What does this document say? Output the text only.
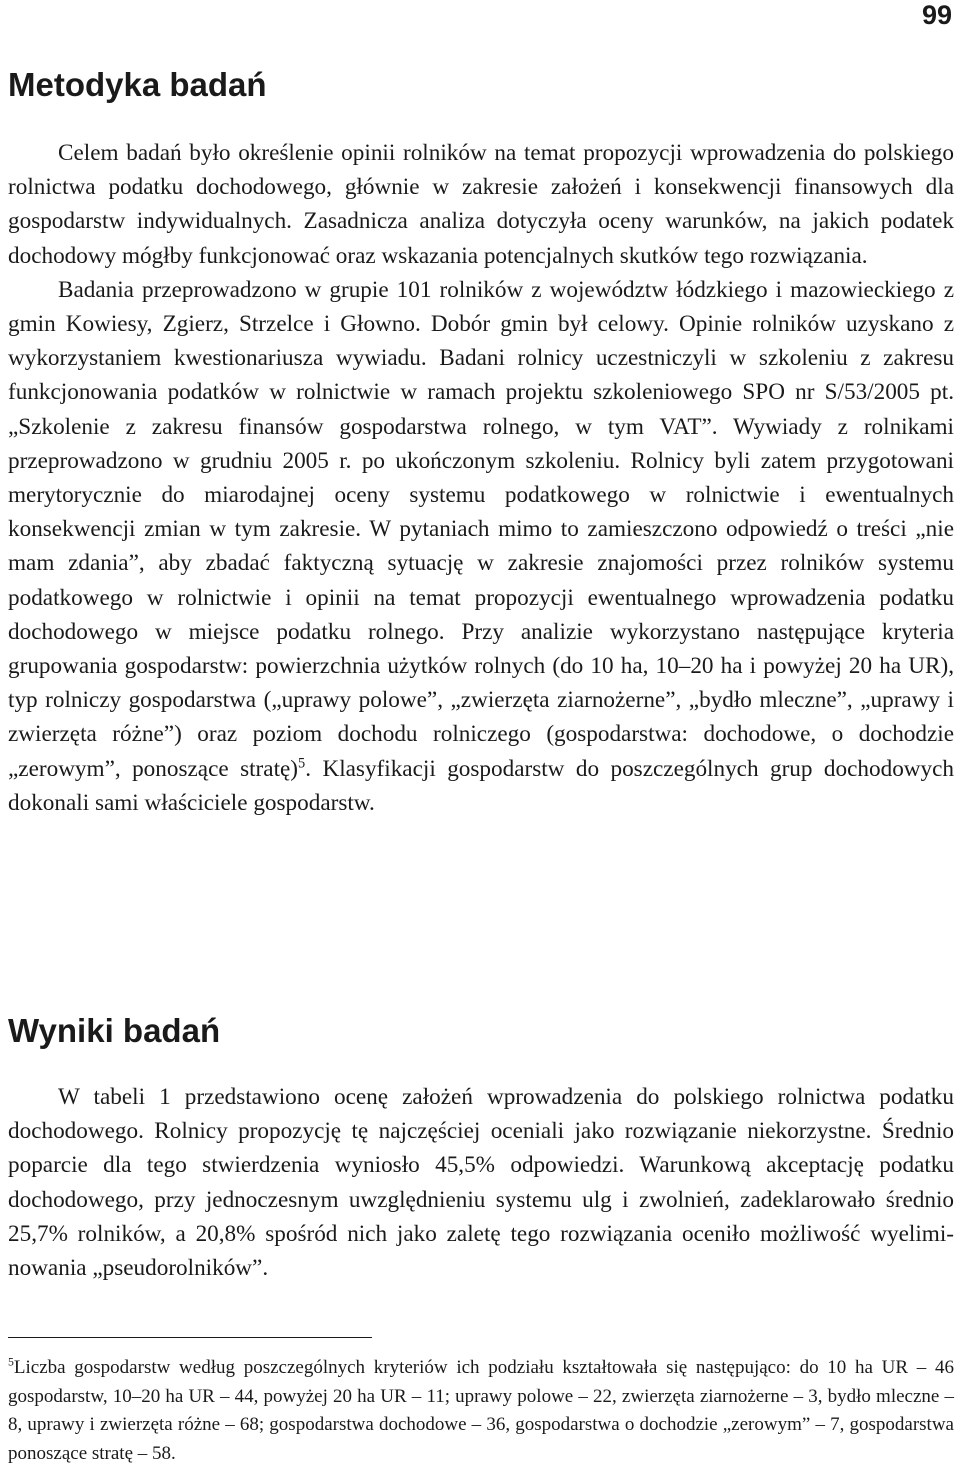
99
Metodyka badań

Celem badań było określenie opinii rolników na temat propozycji wprowadzenia do polskiego rolnictwa podatku dochodowego, głównie w zakresie założeń i konsekwencji finansowych dla gospodarstw indywidualnych. Zasadnicza analiza dotyczyła oceny warunków, na jakich podatek dochodowy mógłby funkcjonować oraz wskazania potencjalnych skutków tego rozwiązania.

Badania przeprowadzono w grupie 101 rolników z województw łódzkiego i mazowieckiego z gmin Kowiesy, Zgierz, Strzelce i Głowno. Dobór gmin był celowy. Opinie rolników uzyskano z wykorzystaniem kwestionariusza wywiadu. Badani rolnicy uczestniczyli w szkoleniu z zakresu funkcjonowania podatków w rolnictwie w ramach projektu szkoleniowego SPO nr S/53/2005 pt. „Szkolenie z zakresu finansów gospodarstwa rolnego, w tym VAT”. Wywiady z rolnikami przeprowadzono w grudniu 2005 r. po ukończonym szkoleniu. Rolnicy byli zatem przygotowani merytorycznie do miarodajnej oceny systemu podatkowego w rolnictwie i ewentualnych konsekwencji zmian w tym zakresie. W pytaniach mimo to zamieszczono odpowiedź o treści „nie mam zdania”, aby zbadać faktyczną sytuację w zakresie znajomości przez rolników systemu podatkowego w rolnictwie i opinii na temat propozycji ewentualnego wprowadzenia podatku dochodowego w miejsce podatku rolnego. Przy analizie wykorzystano następujące kryteria grupowania gospodarstw: powierzchnia użytków rolnych (do 10 ha, 10–20 ha i powyżej 20 ha UR), typ rolniczy gospodarstwa („uprawy polowe”, „zwierzęta ziarnożerne”, „bydło mleczne”, „uprawy i zwierzęta różne”) oraz poziom dochodu rolniczego (gospodarstwa: dochodowe, o dochodzie „zerowym”, ponoszące stratę)$^5$. Klasyfikacji gospodarstw do poszczególnych grup dochodowych dokonali sami właściciele gospodarstw.

Wyniki badań

W tabeli 1 przedstawiono ocenę założeń wprowadzenia do polskiego rolnictwa podatku dochodowego. Rolnicy propozycję tę najczęściej oceniali jako rozwiązanie niekorzystne. Średnio poparcie dla tego stwierdzenia wyniosło 45,5% odpowiedzi. Warunkową akceptację podatku dochodowego, przy jednoczesnym uwzględnieniu systemu ulg i zwolnień, zadeklarowało średnio 25,7% rolników, a 20,8% spośród nich jako zaletę tego rozwiązania oceniło możliwość wyeliminowania „pseudorolników”.

$^5$Liczba gospodarstw według poszczególnych kryteriów ich podziału kształtowała się następująco: do 10 ha UR – 46 gospodarstw, 10–20 ha UR – 44, powyżej 20 ha UR – 11; uprawy polowe – 22, zwierzęta ziarnożerne – 3, bydło mleczne – 8, uprawy i zwierzęta różne – 68; gospodarstwa dochodowe – 36, gospodarstwa o dochodzie „zerowym” – 7, gospodarstwa ponoszące stratę – 58.
